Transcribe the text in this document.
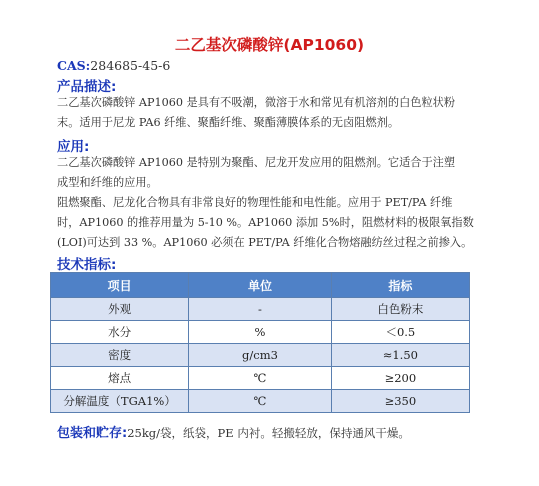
二乙基次磷酸锌(AP1060)
CAS:284685-45-6
产品描述:
二乙基次磷酸锌 AP1060 是具有不吸潮，微溶于水和常见有机溶剂的白色粒状粉
末。适用于尼龙 PA6 纤维、聚酯纤维、聚酯薄膜体系的无卤阻燃剂。
应用:
二乙基次磷酸锌 AP1060 是特别为聚酯、尼龙开发应用的阻燃剂。它适合于注塑
成型和纤维的应用。
阻燃聚酯、尼龙化合物具有非常良好的物理性能和电性能。应用于 PET/PA 纤维
时，AP1060 的推荐用量为 5-10 %。AP1060 添加 5%时，阻燃材料的极限氧指数
(LOI)可达到 33 %。AP1060 必须在 PET/PA 纤维化合物熔融纺丝过程之前掺入。
技术指标:
项目	单位	指标
外观	-	白色粉末
水分	%	＜0.5
密度	g/cm3	≈1.50
熔点	℃	≥200
分解温度（TGA1%）	℃	≥350
包装和贮存:25kg/袋，纸袋，PE 内衬。轻搬轻放，保持通风干燥。
